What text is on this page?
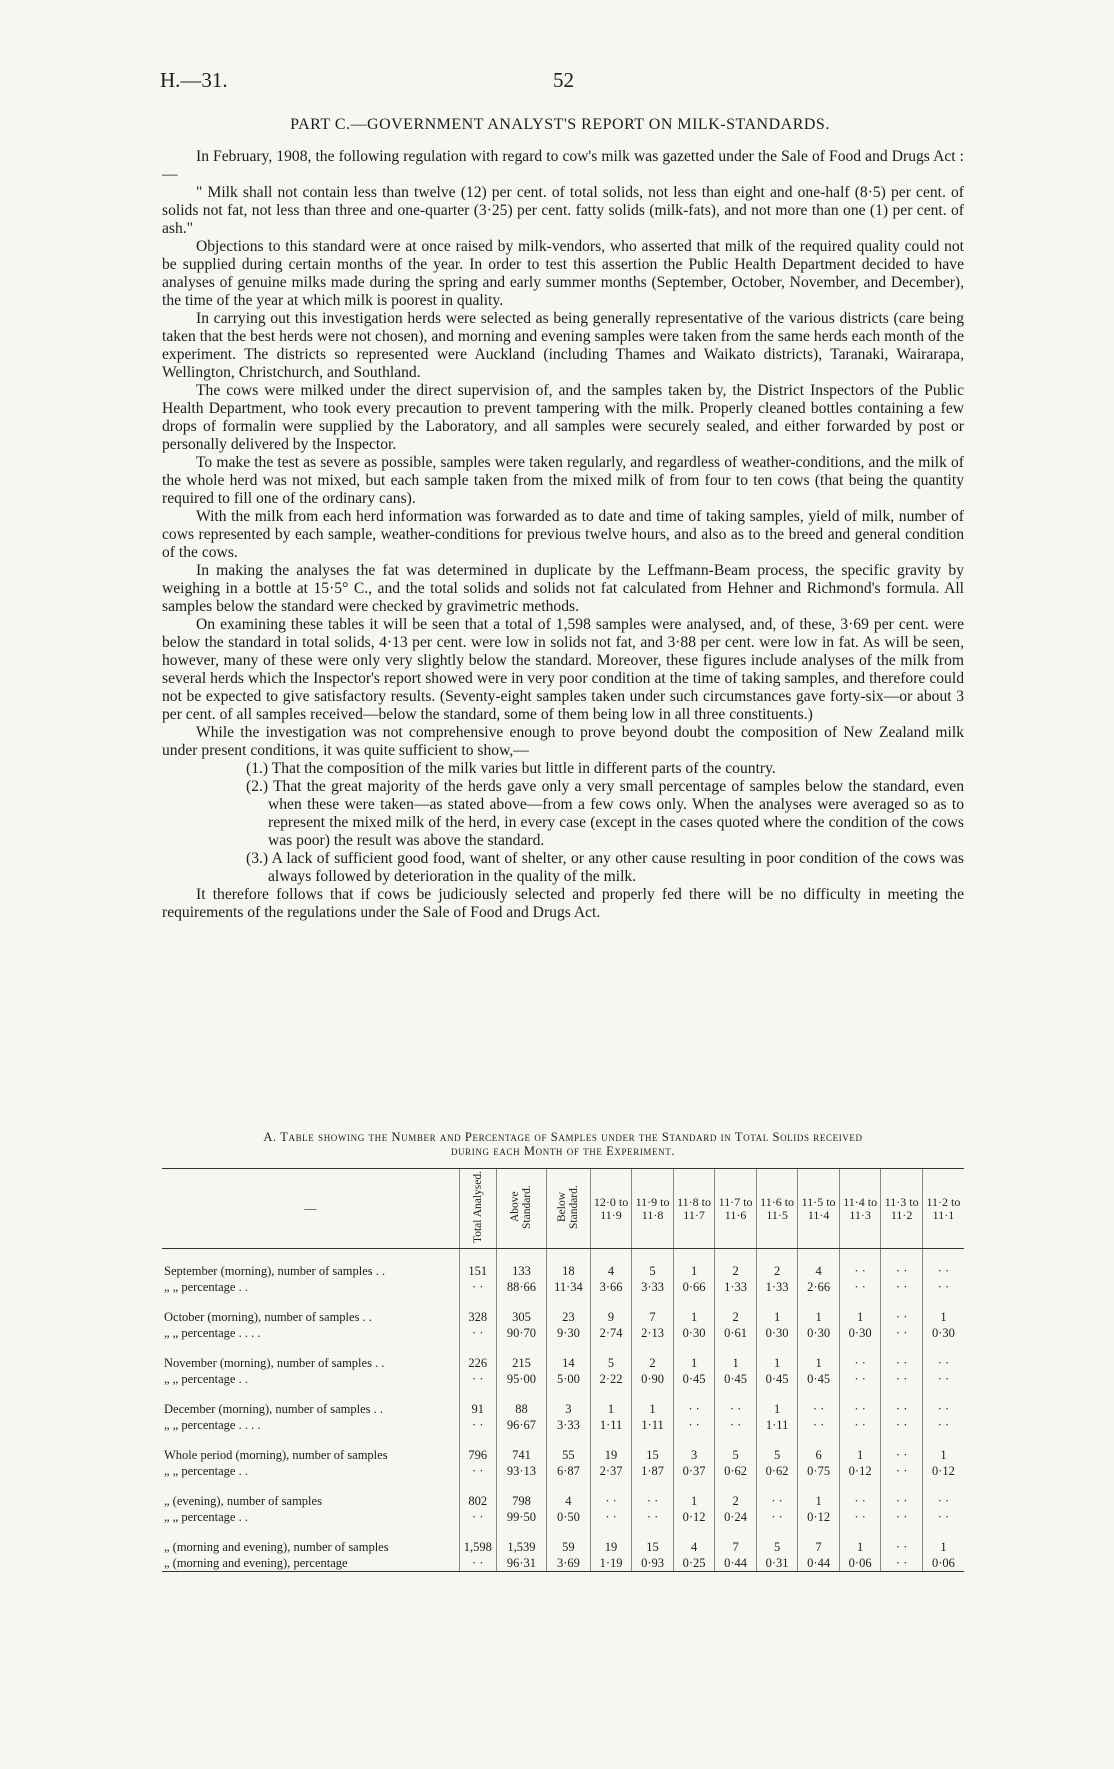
H.—31.	52
PART C.—GOVERNMENT ANALYST'S REPORT ON MILK-STANDARDS.

In February, 1908, the following regulation with regard to cow's milk was gazetted under the Sale of Food and Drugs Act :—

" Milk shall not contain less than twelve (12) per cent. of total solids, not less than eight and one-half (8·5) per cent. of solids not fat, not less than three and one-quarter (3·25) per cent. fatty solids (milk-fats), and not more than one (1) per cent. of ash."

Objections to this standard were at once raised by milk-vendors, who asserted that milk of the required quality could not be supplied during certain months of the year. In order to test this assertion the Public Health Department decided to have analyses of genuine milks made during the spring and early summer months (September, October, November, and December), the time of the year at which milk is poorest in quality.

In carrying out this investigation herds were selected as being generally representative of the various districts (care being taken that the best herds were not chosen), and morning and evening samples were taken from the same herds each month of the experiment. The districts so represented were Auckland (including Thames and Waikato districts), Taranaki, Wairarapa, Wellington, Christchurch, and Southland.

The cows were milked under the direct supervision of, and the samples taken by, the District Inspectors of the Public Health Department, who took every precaution to prevent tampering with the milk. Properly cleaned bottles containing a few drops of formalin were supplied by the Laboratory, and all samples were securely sealed, and either forwarded by post or personally delivered by the Inspector.

To make the test as severe as possible, samples were taken regularly, and regardless of weather-conditions, and the milk of the whole herd was not mixed, but each sample taken from the mixed milk of from four to ten cows (that being the quantity required to fill one of the ordinary cans).

With the milk from each herd information was forwarded as to date and time of taking samples, yield of milk, number of cows represented by each sample, weather-conditions for previous twelve hours, and also as to the breed and general condition of the cows.

In making the analyses the fat was determined in duplicate by the Leffmann-Beam process, the specific gravity by weighing in a bottle at 15·5° C., and the total solids and solids not fat calculated from Hehner and Richmond's formula. All samples below the standard were checked by gravimetric methods.

On examining these tables it will be seen that a total of 1,598 samples were analysed, and, of these, 3·69 per cent. were below the standard in total solids, 4·13 per cent. were low in solids not fat, and 3·88 per cent. were low in fat. As will be seen, however, many of these were only very slightly below the standard. Moreover, these figures include analyses of the milk from several herds which the Inspector's report showed were in very poor condition at the time of taking samples, and therefore could not be expected to give satisfactory results. (Seventy-eight samples taken under such circumstances gave forty-six—or about 3 per cent. of all samples received—below the standard, some of them being low in all three constituents.)

While the investigation was not comprehensive enough to prove beyond doubt the composition of New Zealand milk under present conditions, it was quite sufficient to show,—

(1.) That the composition of the milk varies but little in different parts of the country.

(2.) That the great majority of the herds gave only a very small percentage of samples below the standard, even when these were taken—as stated above—from a few cows only. When the analyses were averaged so as to represent the mixed milk of the herd, in every case (except in the cases quoted where the condition of the cows was poor) the result was above the standard.

(3.) A lack of sufficient good food, want of shelter, or any other cause resulting in poor condition of the cows was always followed by deterioration in the quality of the milk.

It therefore follows that if cows be judiciously selected and properly fed there will be no difficulty in meeting the requirements of the regulations under the Sale of Food and Drugs Act.

A. Table showing the Number and Percentage of Samples under the Standard in Total Solids received
during each Month of the Experiment.
—	Total Analysed.	Above Standard.	Below Standard.	12·0 to 11·9	11·9 to 11·8	11·8 to 11·7	11·7 to 11·6	11·6 to 11·5	11·5 to 11·4	11·4 to 11·3	11·3 to 11·2	11·2 to 11·1

September (morning), number of samples . .	151	133	18	4	5	1	2	2	4	· ·	· ·	· ·
„ „ percentage . .	· ·	88·66	11·34	3·66	3·33	0·66	1·33	1·33	2·66	· ·	· ·	· ·

October (morning), number of samples . .	328	305	23	9	7	1	2	1	1	1	· ·	1
„ „ percentage . . . .	· ·	90·70	9·30	2·74	2·13	0·30	0·61	0·30	0·30	0·30	· ·	0·30

November (morning), number of samples . .	226	215	14	5	2	1	1	1	1	· ·	· ·	· ·
„ „ percentage . .	· ·	95·00	5·00	2·22	0·90	0·45	0·45	0·45	0·45	· ·	· ·	· ·

December (morning), number of samples . .	91	88	3	1	1	· ·	· ·	1	· ·	· ·	· ·	· ·
„ „ percentage . . . .	· ·	96·67	3·33	1·11	1·11	· ·	· ·	1·11	· ·	· ·	· ·	· ·

Whole period (morning), number of samples	796	741	55	19	15	3	5	5	6	1	· ·	1
„ „ percentage . .	· ·	93·13	6·87	2·37	1·87	0·37	0·62	0·62	0·75	0·12	· ·	0·12

„ (evening), number of samples	802	798	4	· ·	· ·	1	2	· ·	1	· ·	· ·	· ·
„ „ percentage . .	· ·	99·50	0·50	· ·	· ·	0·12	0·24	· ·	0·12	· ·	· ·	· ·

„ (morning and evening), number of samples	1,598	1,539	59	19	15	4	7	5	7	1	· ·	1
„ (morning and evening), percentage	· ·	96·31	3·69	1·19	0·93	0·25	0·44	0·31	0·44	0·06	· ·	0·06
